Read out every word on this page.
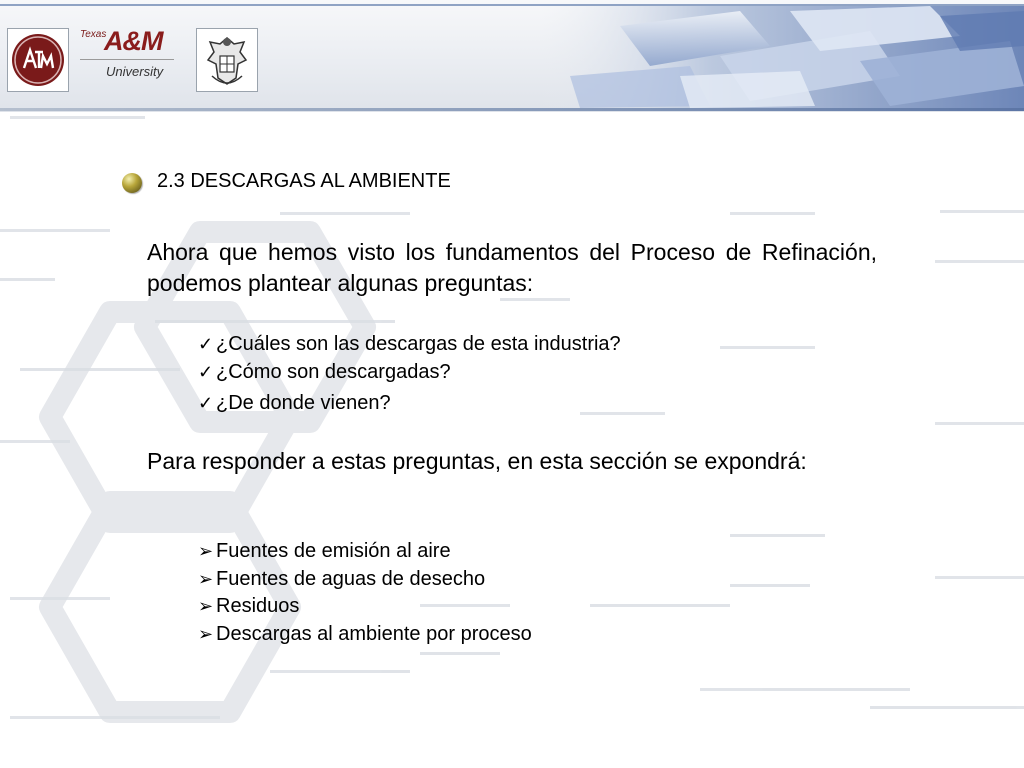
Texas
A&M
University
2.3 DESCARGAS AL AMBIENTE
Ahora que hemos visto los fundamentos del Proceso de Refinación, podemos plantear algunas preguntas:
✓ ¿Cuáles son las descargas de esta industria?
✓ ¿Cómo son descargadas?
✓ ¿De donde vienen?
Para responder a estas preguntas, en esta sección se expondrá:
➢ Fuentes de emisión al aire
➢ Fuentes de aguas de desecho
➢ Residuos
➢ Descargas al ambiente por proceso
